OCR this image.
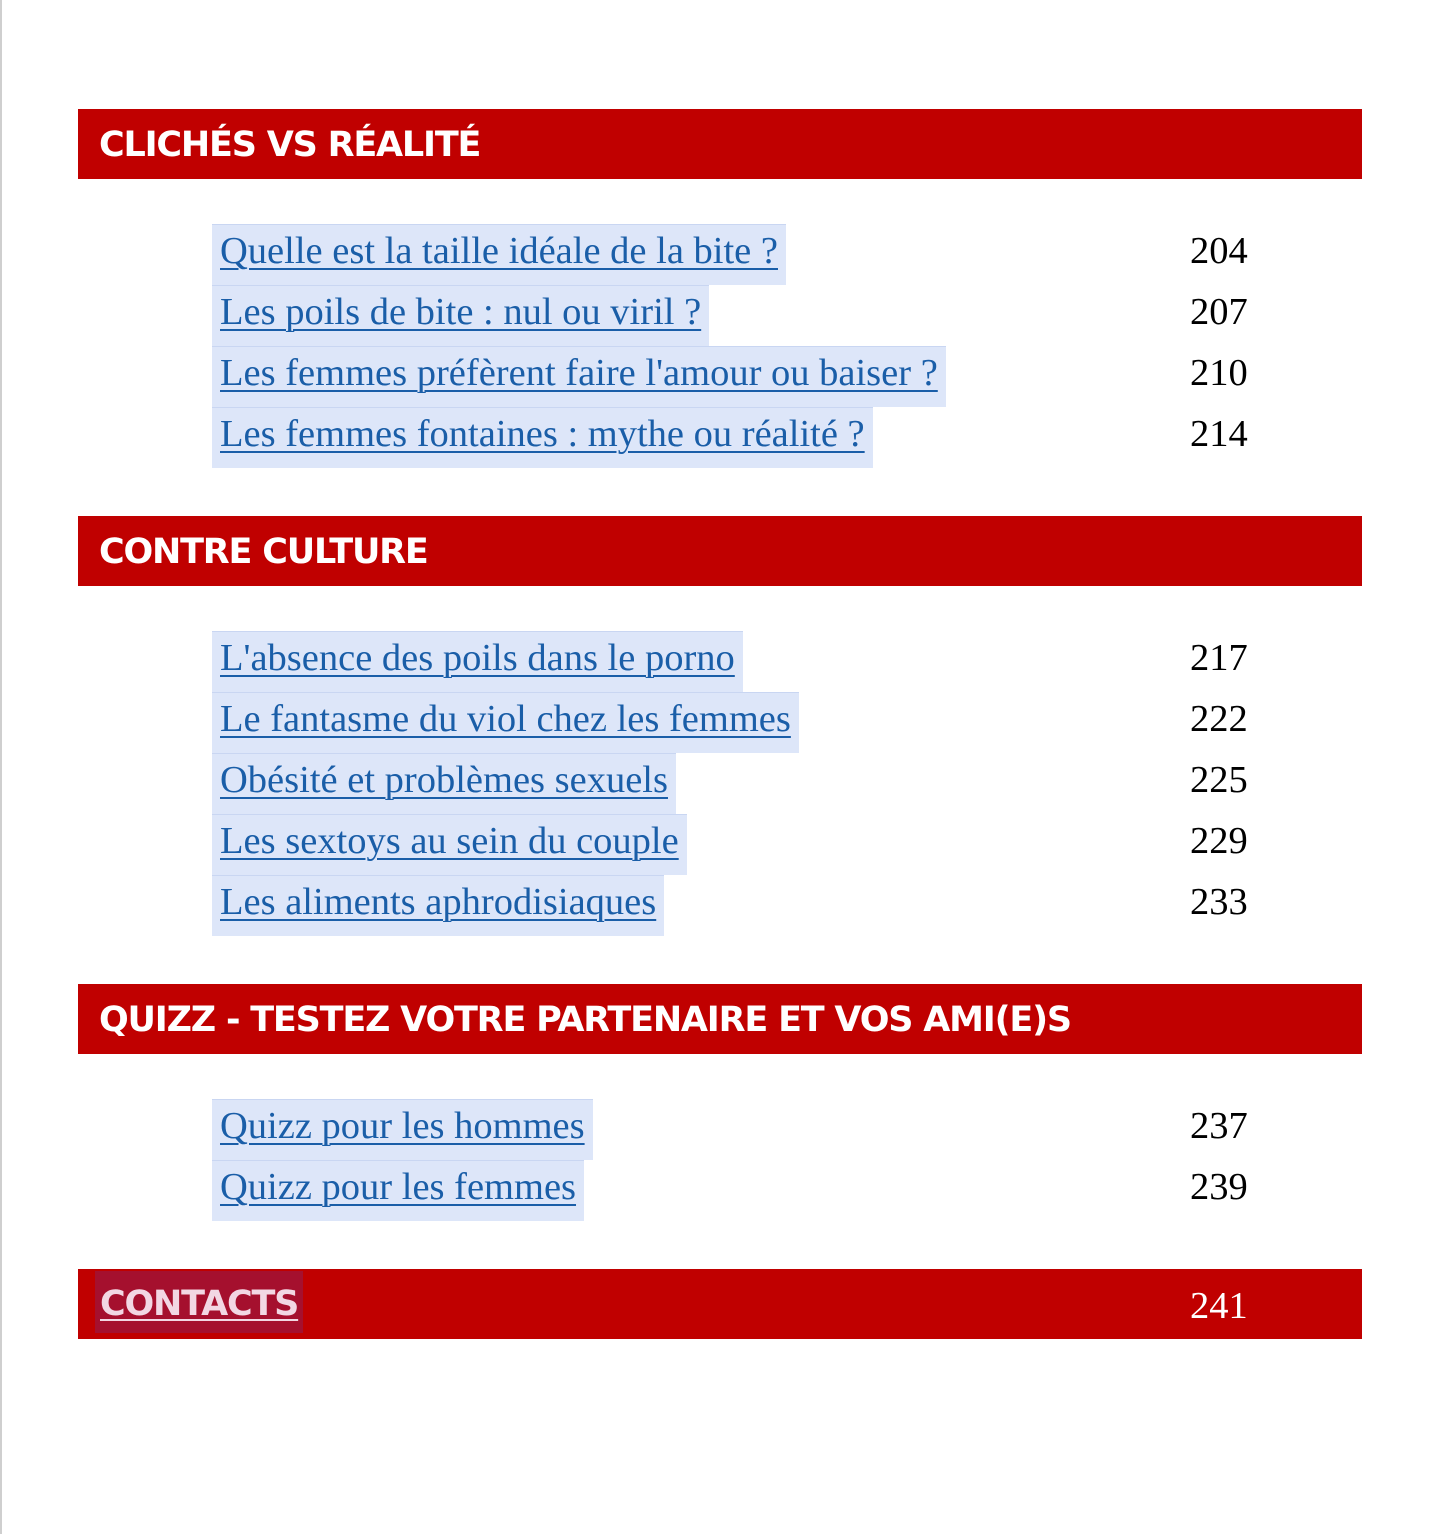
CLICHÉS VS RÉALITÉ
Quelle est la taille idéale de la bite ?	204
Les poils de bite : nul ou viril ?	207
Les femmes préfèrent faire l'amour ou baiser ?	210
Les femmes fontaines : mythe ou réalité ?	214
CONTRE CULTURE
L'absence des poils dans le porno	217
Le fantasme du viol chez les femmes	222
Obésité et problèmes sexuels	225
Les sextoys au sein du couple	229
Les aliments aphrodisiaques	233
QUIZZ - TESTEZ VOTRE PARTENAIRE ET VOS AMI(E)S
Quizz pour les hommes	237
Quizz pour les femmes	239
CONTACTS	241
